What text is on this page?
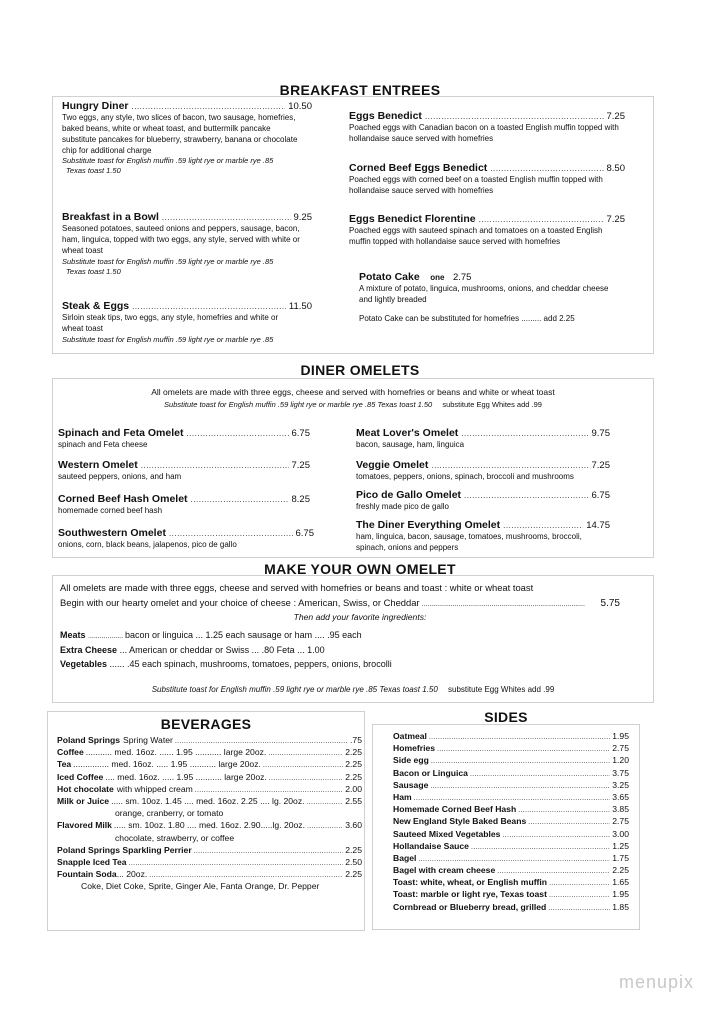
BREAKFAST ENTREES
Hungry Diner .....	10.50
Two eggs, any style, two slices of bacon, two sausage, homefries, baked beans, white or wheat toast, and buttermilk pancake
substitute pancakes for blueberry, strawberry, banana or chocolate chip for additional charge
Substitute toast for English muffin .59 light rye or marble rye .85
Texas toast 1.50
Breakfast in a Bowl .....	9.25
Seasoned potatoes, sauteed onions and peppers, sausage, bacon, ham, linguica, topped with two eggs, any style, served with white or wheat toast
Substitute toast for English muffin .59 light rye or marble rye .85
Texas toast 1.50
Steak & Eggs .....	11.50
Sirloin steak tips, two eggs, any style, homefries and white or wheat toast
Substitute toast for English muffin .59 light rye or marble rye .85
Eggs Benedict .....	7.25
Poached eggs with Canadian bacon on a toasted English muffin topped with hollandaise sauce served with homefries
Corned Beef Eggs Benedict .....	8.50
Poached eggs with corned beef on a toasted English muffin topped with hollandaise sauce served with homefries
Eggs Benedict Florentine .....	7.25
Poached eggs with sauteed spinach and tomatoes on a toasted English muffin topped with hollandaise sauce served with homefries
Potato Cake one 2.75
A mixture of potato, linguica, mushrooms, onions, and cheddar cheese and lightly breaded
Potato Cake can be substituted for homefries ......... add 2.25
DINER OMELETS
All omelets are made with three eggs, cheese and served with homefries or beans and white or wheat toast
Substitute toast for English muffin .59 light rye or marble rye .85 Texas toast 1.50 substitute Egg Whites add .99
Spinach and Feta Omelet .....	6.75
spinach and Feta cheese
Western Omelet .....	7.25
sauteed peppers, onions, and ham
Corned Beef Hash Omelet .....	8.25
homemade corned beef hash
Southwestern Omelet .....	6.75
onions, corn, black beans, jalapenos, pico de gallo
Meat Lover's Omelet .....	9.75
bacon, sausage, ham, linguica
Veggie Omelet .....	7.25
tomatoes, peppers, onions, spinach, broccoli and mushrooms
Pico de Gallo Omelet .....	6.75
freshly made pico de gallo
The Diner Everything Omelet .....	14.75
ham, linguica, bacon, sausage, tomatoes, mushrooms, broccoli, spinach, onions and peppers
MAKE YOUR OWN OMELET
All omelets are made with three eggs, cheese and served with homefries or beans and toast : white or wheat toast
Begin with our hearty omelet and your choice of cheese : American, Swiss, or Cheddar ....................................................................................	5.75
Then add your favorite ingredients:
Meats .................. bacon or linguica ... 1.25 each sausage or ham .... .95 each
Extra Cheese ... American or cheddar or Swiss ... .80 Feta ... 1.00
Vegetables ...... .45 each spinach, mushrooms, tomatoes, peppers, onions, brocolli
Substitute toast for English muffin .59 light rye or marble rye .85 Texas toast 1.50 substitute Egg Whites add .99
BEVERAGES
Poland Springs Spring Water .....	.75
Coffee ........... med. 16oz. ...... 1.95 ........... large 20oz. .....	2.25
Tea ............... med. 16oz. ..... 1.95 ........... large 20oz. .....	2.25
Iced Coffee .... med. 16oz. ..... 1.95 ........... large 20oz. .....	2.25
Hot chocolate with whipped cream .....	2.00
Milk or Juice ..... sm. 10oz. 1.45 .... med. 16oz. 2.25 .... lg. 20oz. .....	2.55
orange, cranberry, or tomato
Flavored Milk ..... sm. 10oz. 1.80 .... med. 16oz. 2.90.....lg. 20oz. .....	3.60
chocolate, strawberry, or coffee
Poland Springs Sparkling Perrier .....	2.25
Snapple Iced Tea .....	2.50
Fountain Soda ... 20oz. .....	2.25
Coke, Diet Coke, Sprite, Ginger Ale, Fanta Orange, Dr. Pepper
SIDES
Oatmeal .....	1.95
Homefries .....	2.75
Side egg .....	1.20
Bacon or Linguica .....	3.75
Sausage .....	3.25
Ham .....	3.65
Homemade Corned Beef Hash .....	3.85
New England Style Baked Beans .....	2.75
Sauteed Mixed Vegetables .....	3.00
Hollandaise Sauce .....	1.25
Bagel .....	1.75
Bagel with cream cheese .....	2.25
Toast: white, wheat, or English muffin .....	1.65
Toast: marble or light rye, Texas toast .....	1.95
Cornbread or Blueberry bread, grilled .....	1.85
menupix
